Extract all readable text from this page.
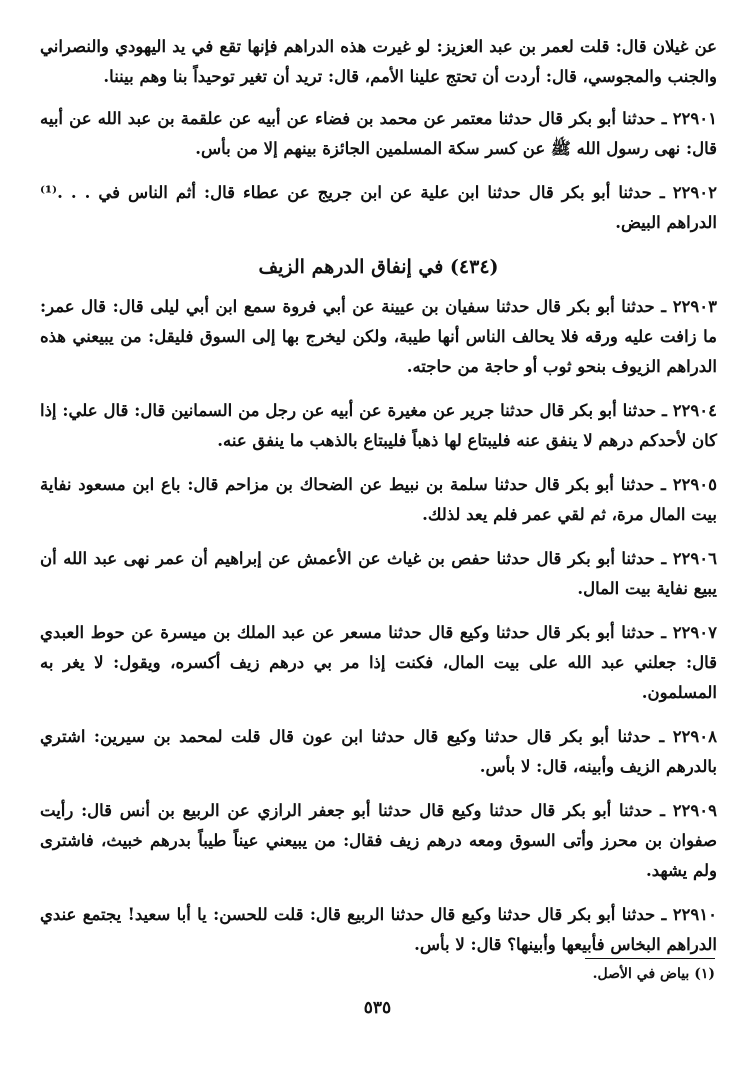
عن غيلان قال: قلت لعمر بن عبد العزيز: لو غيرت هذه الدراهم فإنها تقع في يد اليهودي والنصراني والجنب والمجوسي، قال: أردت أن تحتج علينا الأمم، قال: تريد أن تغير توحيداً بنا وهم بيننا.

٢٢٩٠١ ـ حدثنا أبو بكر قال حدثنا معتمر عن محمد بن فضاء عن أبيه عن علقمة بن عبد الله عن أبيه قال: نهى رسول الله ﷺ عن كسر سكة المسلمين الجائزة بينهم إلا من بأس.

٢٢٩٠٢ ـ حدثنا أبو بكر قال حدثنا ابن علية عن ابن جريج عن عطاء قال: أثم الناس في . . .⁽¹⁾ الدراهم البيض.

(٤٣٤) في إنفاق الدرهم الزيف

٢٢٩٠٣ ـ حدثنا أبو بكر قال حدثنا سفيان بن عيينة عن أبي فروة سمع ابن أبي ليلى قال: قال عمر: ما زافت عليه ورقه فلا يحالف الناس أنها طيبة، ولكن ليخرج بها إلى السوق فليقل: من يبيعني هذه الدراهم الزيوف بنحو ثوب أو حاجة من حاجته.

٢٢٩٠٤ ـ حدثنا أبو بكر قال حدثنا جرير عن مغيرة عن أبيه عن رجل من السمانين قال: قال علي: إذا كان لأحدكم درهم لا ينفق عنه فليبتاع لها ذهباً فليبتاع بالذهب ما ينفق عنه.

٢٢٩٠٥ ـ حدثنا أبو بكر قال حدثنا سلمة بن نبيط عن الضحاك بن مزاحم قال: باع ابن مسعود نفاية بيت المال مرة، ثم لقي عمر فلم يعد لذلك.

٢٢٩٠٦ ـ حدثنا أبو بكر قال حدثنا حفص بن غياث عن الأعمش عن إبراهيم أن عمر نهى عبد الله أن يبيع نفاية بيت المال.

٢٢٩٠٧ ـ حدثنا أبو بكر قال حدثنا وكيع قال حدثنا مسعر عن عبد الملك بن ميسرة عن حوط العبدي قال: جعلني عبد الله على بيت المال، فكنت إذا مر بي درهم زيف أكسره، ويقول: لا يغر به المسلمون.

٢٢٩٠٨ ـ حدثنا أبو بكر قال حدثنا وكيع قال حدثنا ابن عون قال قلت لمحمد بن سيرين: اشتري بالدرهم الزيف وأبينه، قال: لا بأس.

٢٢٩٠٩ ـ حدثنا أبو بكر قال حدثنا وكيع قال حدثنا أبو جعفر الرازي عن الربيع بن أنس قال: رأيت صفوان بن محرز وأتى السوق ومعه درهم زيف فقال: من يبيعني عيناً طيباً بدرهم خبيث، فاشترى ولم يشهد.

٢٢٩١٠ ـ حدثنا أبو بكر قال حدثنا وكيع قال حدثنا الربيع قال: قلت للحسن: يا أبا سعيد! يجتمع عندي الدراهم البخاس فأبيعها وأبينها؟ قال: لا بأس.

(١) بياض في الأصل.
٥٣٥
